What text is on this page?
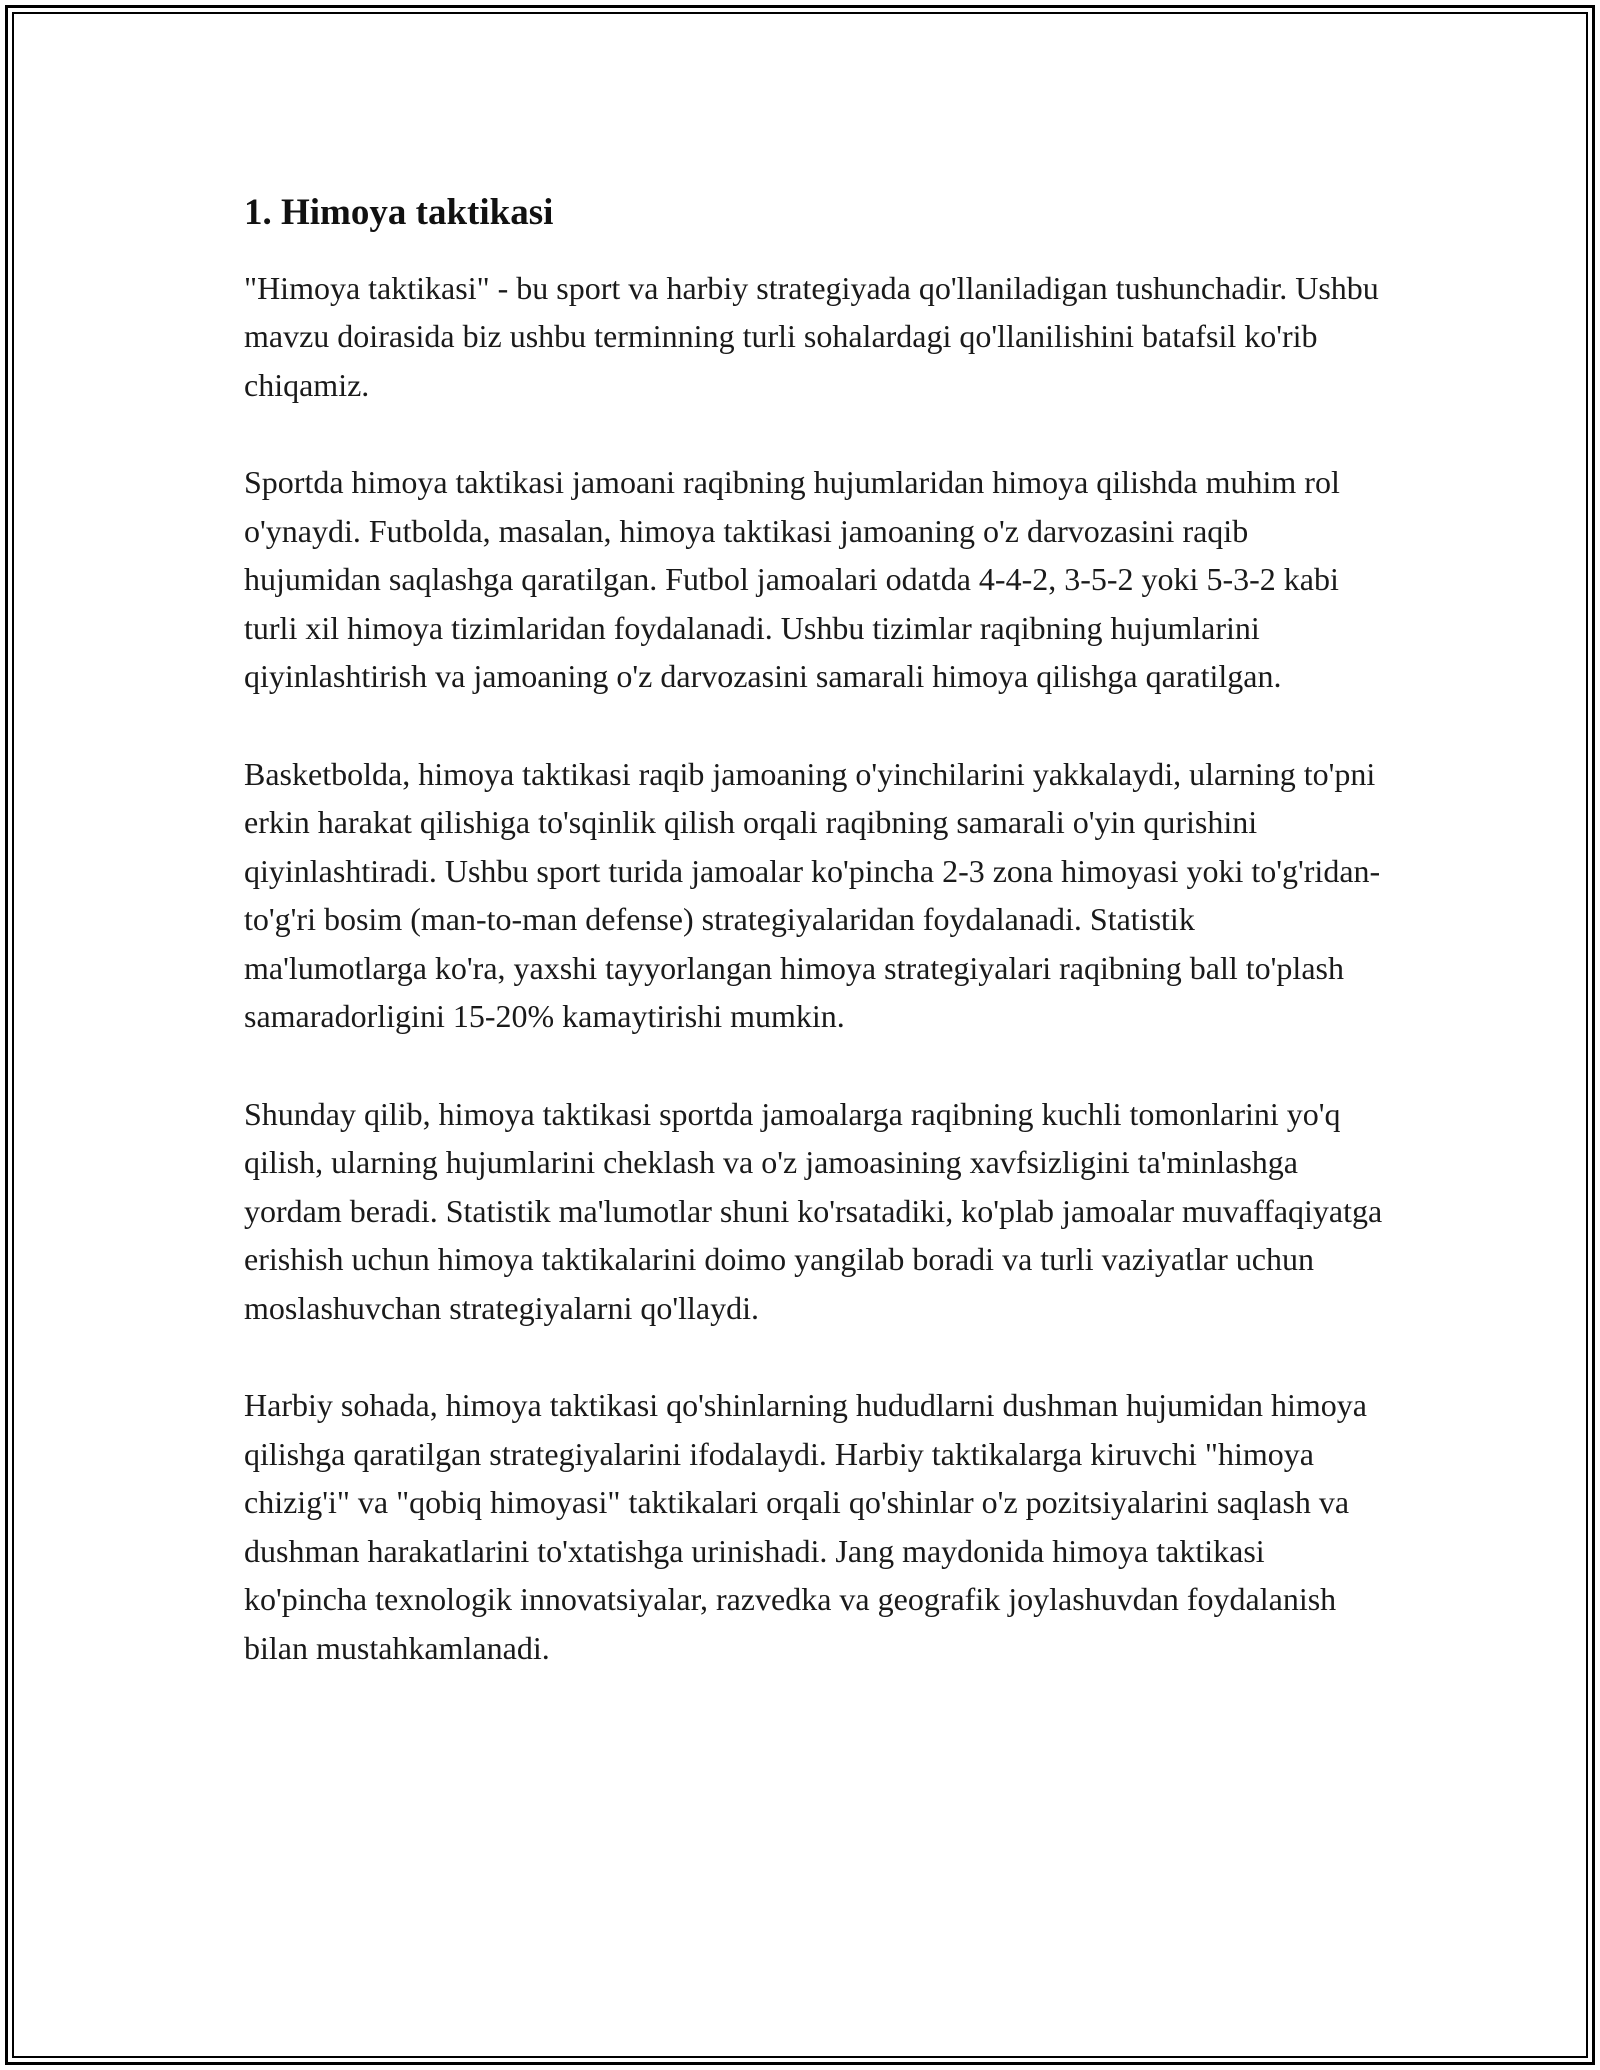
1. Himoya taktikasi

"Himoya taktikasi" - bu sport va harbiy strategiyada qo'llaniladigan tushunchadir. Ushbu mavzu doirasida biz ushbu terminning turli sohalardagi qo'llanilishini batafsil ko'rib chiqamiz.

Sportda himoya taktikasi jamoani raqibning hujumlaridan himoya qilishda muhim rol o'ynaydi. Futbolda, masalan, himoya taktikasi jamoaning o'z darvozasini raqib hujumidan saqlashga qaratilgan. Futbol jamoalari odatda 4-4-2, 3-5-2 yoki 5-3-2 kabi turli xil himoya tizimlaridan foydalanadi. Ushbu tizimlar raqibning hujumlarini qiyinlashtirish va jamoaning o'z darvozasini samarali himoya qilishga qaratilgan.

Basketbolda, himoya taktikasi raqib jamoaning o'yinchilarini yakkalaydi, ularning to'pni erkin harakat qilishiga to'sqinlik qilish orqali raqibning samarali o'yin qurishini qiyinlashtiradi. Ushbu sport turida jamoalar ko'pincha 2-3 zona himoyasi yoki to'g'ridan-to'g'ri bosim (man-to-man defense) strategiyalaridan foydalanadi. Statistik ma'lumotlarga ko'ra, yaxshi tayyorlangan himoya strategiyalari raqibning ball to'plash samaradorligini 15-20% kamaytirishi mumkin.

Shunday qilib, himoya taktikasi sportda jamoalarga raqibning kuchli tomonlarini yo'q qilish, ularning hujumlarini cheklash va o'z jamoasining xavfsizligini ta'minlashga yordam beradi. Statistik ma'lumotlar shuni ko'rsatadiki, ko'plab jamoalar muvaffaqiyatga erishish uchun himoya taktikalarini doimo yangilab boradi va turli vaziyatlar uchun moslashuvchan strategiyalarni qo'llaydi.

Harbiy sohada, himoya taktikasi qo'shinlarning hududlarni dushman hujumidan himoya qilishga qaratilgan strategiyalarini ifodalaydi. Harbiy taktikalarga kiruvchi "himoya chizig'i" va "qobiq himoyasi" taktikalari orqali qo'shinlar o'z pozitsiyalarini saqlash va dushman harakatlarini to'xtatishga urinishadi. Jang maydonida himoya taktikasi ko'pincha texnologik innovatsiyalar, razvedka va geografik joylashuvdan foydalanish bilan mustahkamlanadi.
